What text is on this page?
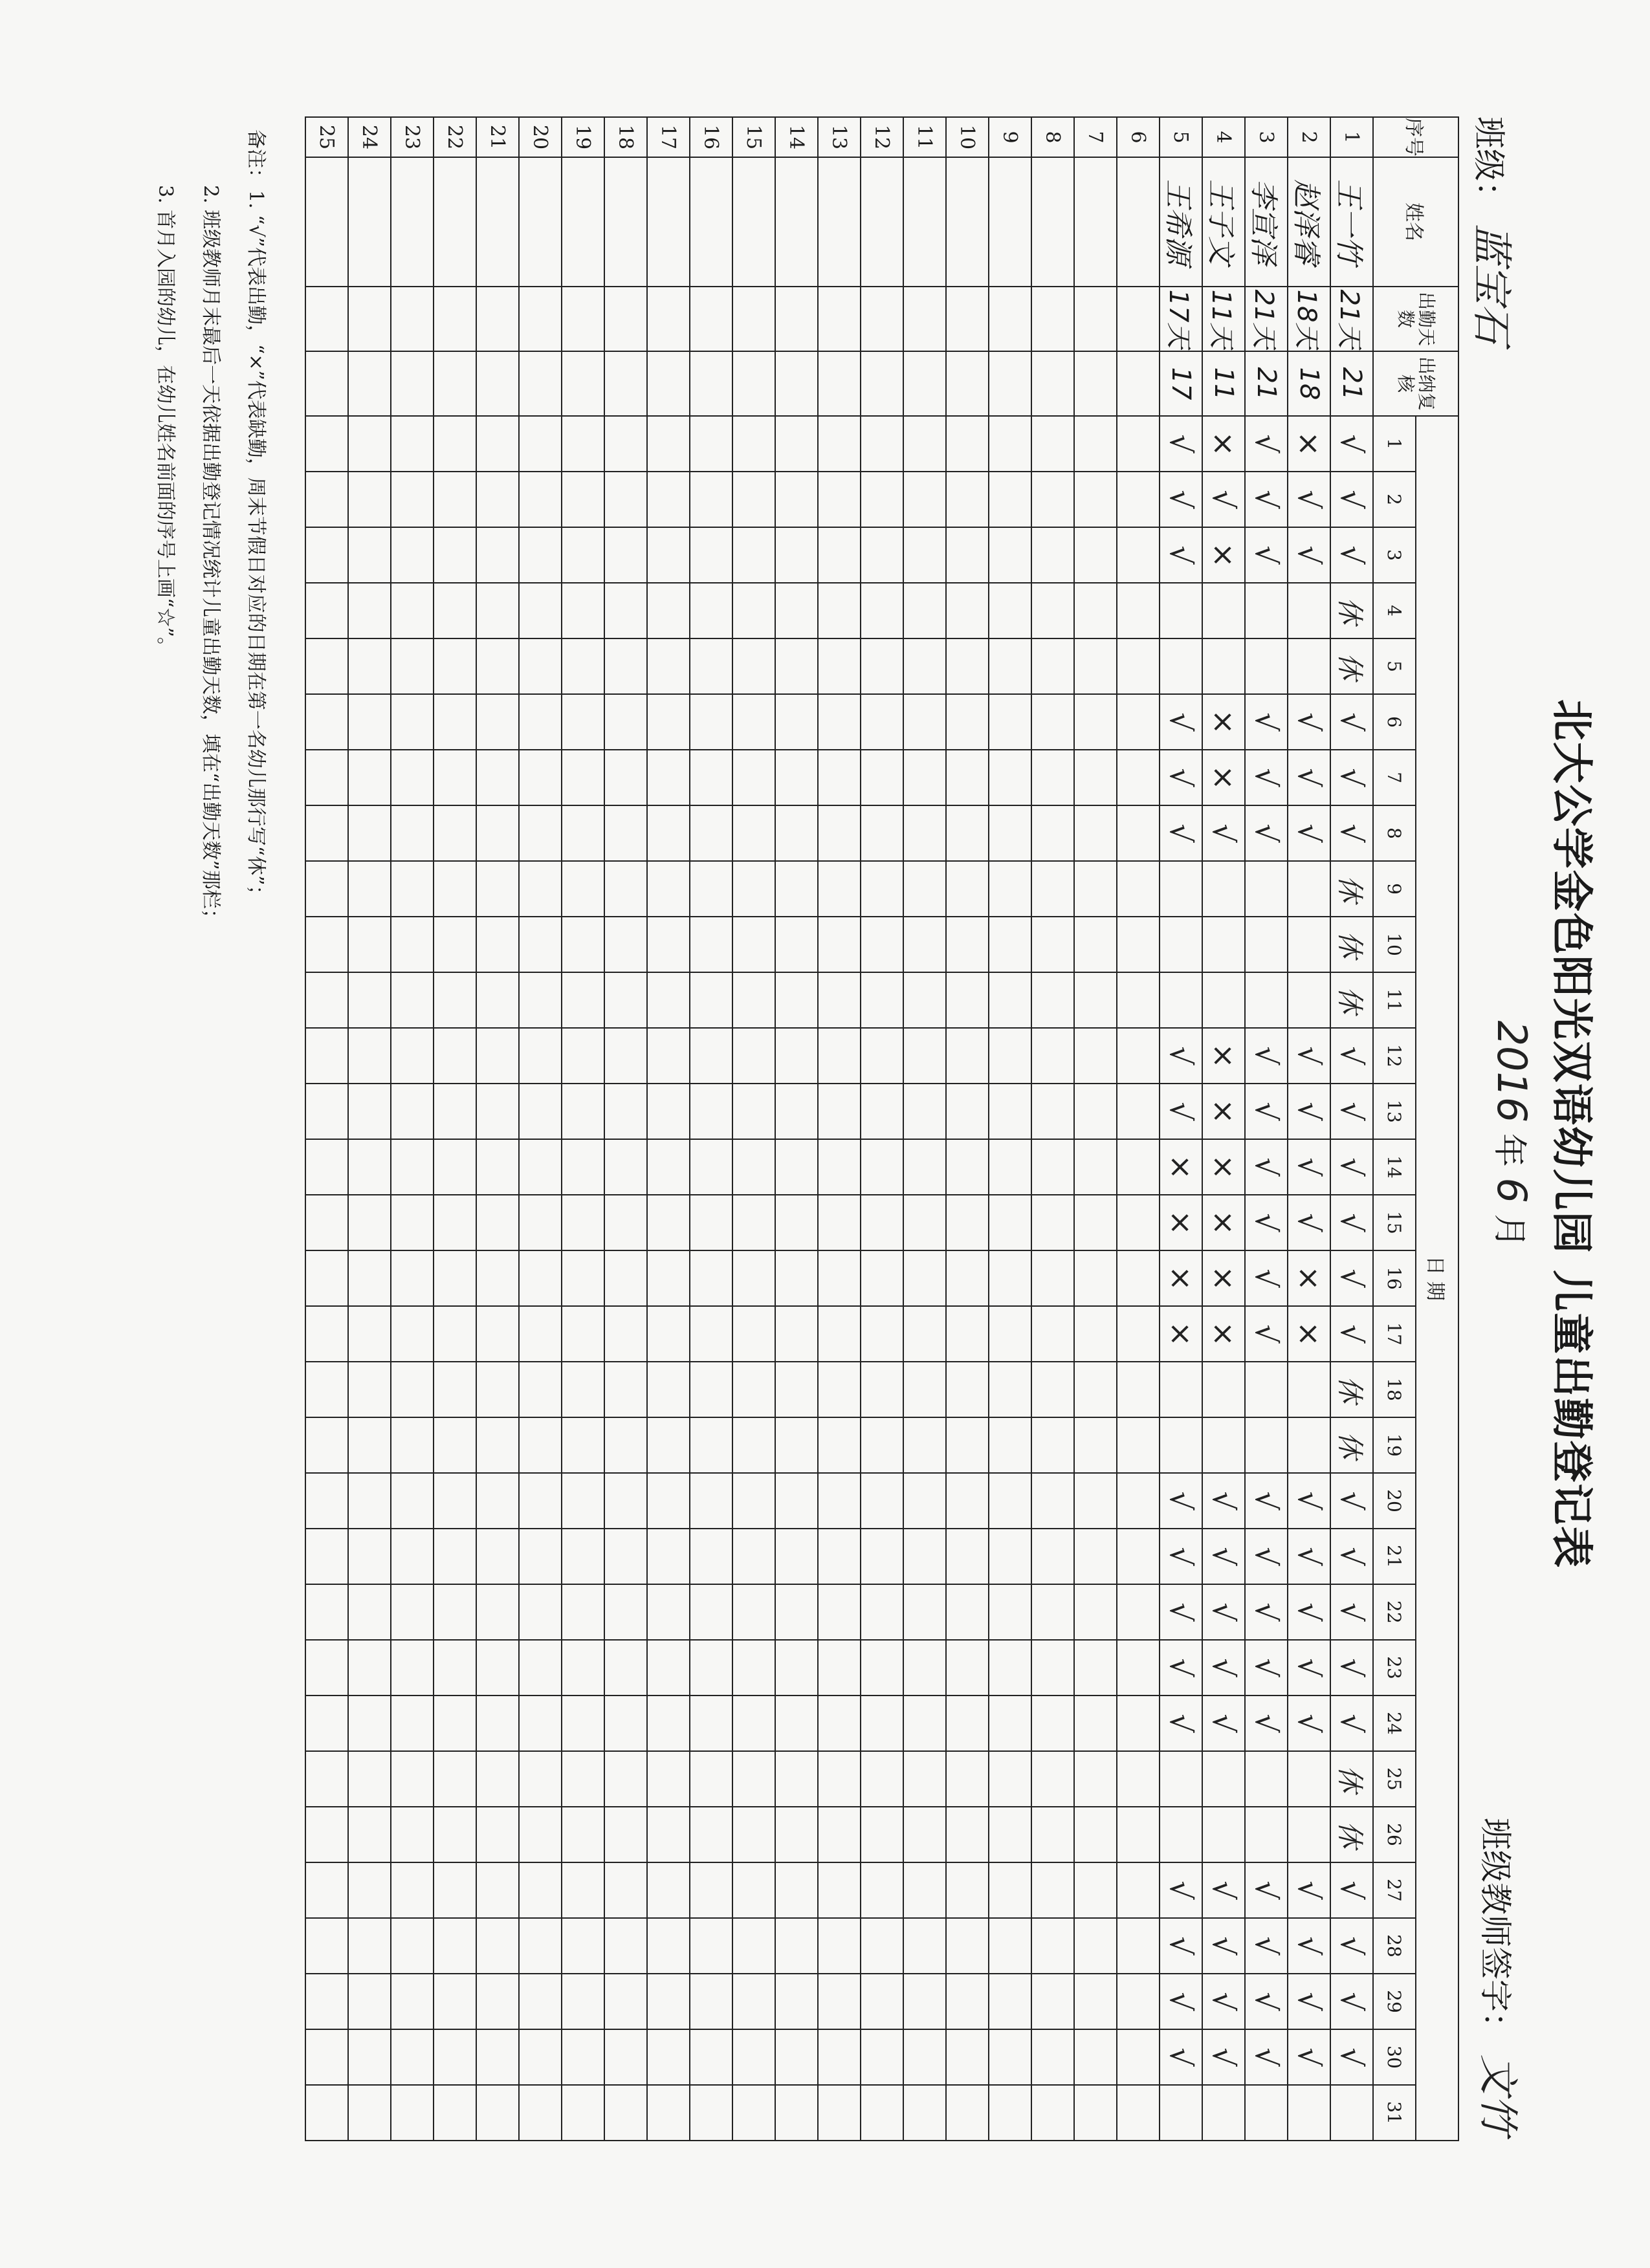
北大公学金色阳光双语幼儿园 儿童出勤登记表
班级： 蓝宝石
2016 年 6 月
班级教师签字： 文竹
序号	姓名	出勤天数	出纳复核	日 期																														
				1	2	3	4	5	6	7	8	9	10	11	12	13	14	15	16	17	18	19	20	21	22	23	24	25	26	27	28	29	30	31
1	王一竹	21天	21	√	√	√	休	休	√	√	√	休	休	休	√	√	√	√	√	√	休	休	√	√	√	√	√	休	休	√	√	√	√	
2	赵泽睿	18天	18	×	√	√			√	√	√				√	√	√	√	×	×			√	√	√	√	√			√	√	√	√	
3	李宣泽	21天	21	√	√	√			√	√	√				√	√	√	√	√	√			√	√	√	√	√			√	√	√	√	
4	王子文	11天	11	×	√	×			×	×	√				×	×	×	×	×	×			√	√	√	√	√			√	√	√	√	
5	王希源	17天	17	√	√	√			√	√	√				√	√	×	×	×	×			√	√	√	√	√			√	√	√	√	
6																																		
7																																		
8																																		
9																																		
10																																		
11																																		
12																																		
13																																		
14																																		
15																																		
16																																		
17																																		
18																																		
19																																		
20																																		
21																																		
22																																		
23																																		
24																																		
25																																		
备注：1. “√”代表出勤，“×”代表缺勤，周末节假日对应的日期在第一名幼儿那行写“休”；
2. 班级教师月末最后一天依据出勤登记情况统计儿童出勤天数，填在“出勤天数”那栏；
3. 首月入园的幼儿，在幼儿姓名前面的序号上画“☆”。
